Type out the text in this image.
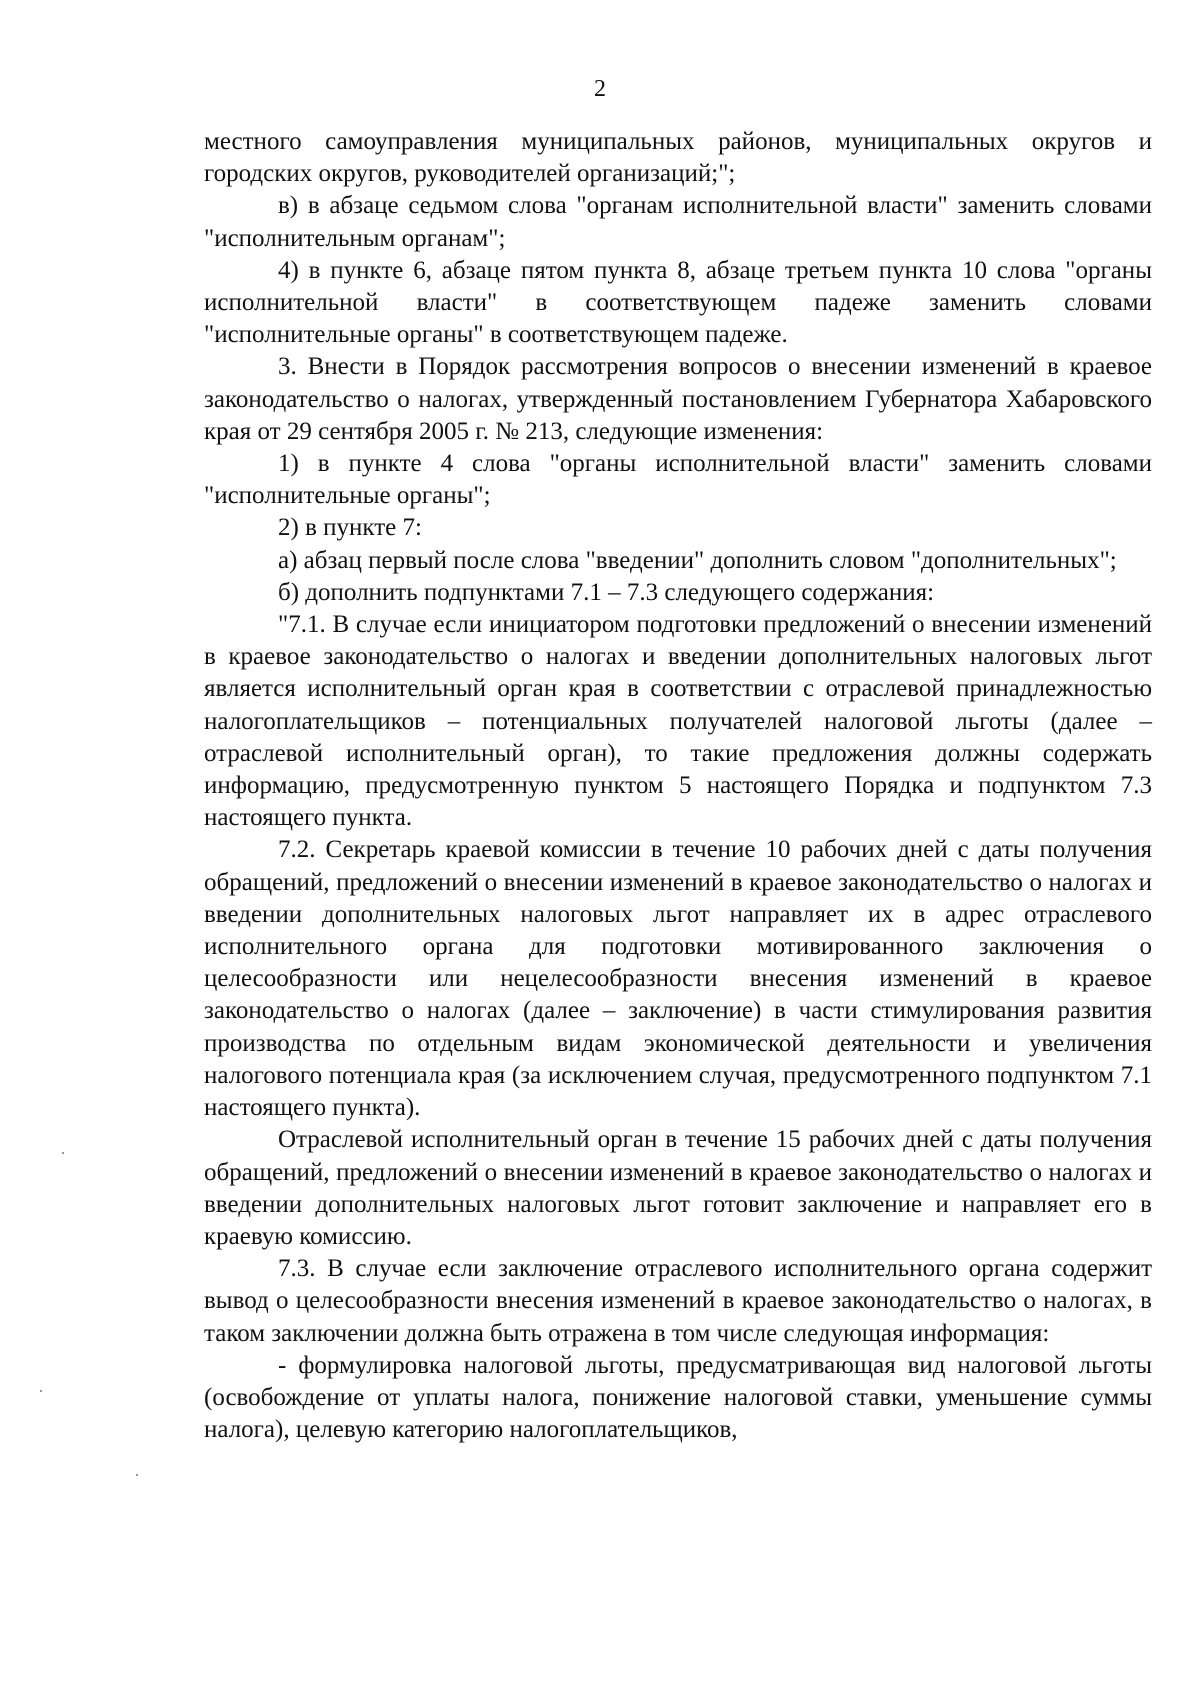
2

местного самоуправления муниципальных районов, муниципальных округов и городских округов, руководителей организаций;";

в) в абзаце седьмом слова "органам исполнительной власти" заменить словами "исполнительным органам";

4) в пункте 6, абзаце пятом пункта 8, абзаце третьем пункта 10 слова "органы исполнительной власти" в соответствующем падеже заменить словами "исполнительные органы" в соответствующем падеже.

3. Внести в Порядок рассмотрения вопросов о внесении изменений в краевое законодательство о налогах, утвержденный постановлением Губернатора Хабаровского края от 29 сентября 2005 г. № 213, следующие изменения:

1) в пункте 4 слова "органы исполнительной власти" заменить словами "исполнительные органы";

2) в пункте 7:

а) абзац первый после слова "введении" дополнить словом "дополнительных";

б) дополнить подпунктами 7.1 – 7.3 следующего содержания:

"7.1. В случае если инициатором подготовки предложений о внесении изменений в краевое законодательство о налогах и введении дополнительных налоговых льгот является исполнительный орган края в соответствии с отраслевой принадлежностью налогоплательщиков – потенциальных получателей налоговой льготы (далее – отраслевой исполнительный орган), то такие предложения должны содержать информацию, предусмотренную пунктом 5 настоящего Порядка и подпунктом 7.3 настоящего пункта.

7.2. Секретарь краевой комиссии в течение 10 рабочих дней с даты получения обращений, предложений о внесении изменений в краевое законодательство о налогах и введении дополнительных налоговых льгот направляет их в адрес отраслевого исполнительного органа для подготовки мотивированного заключения о целесообразности или нецелесообразности внесения изменений в краевое законодательство о налогах (далее – заключение) в части стимулирования развития производства по отдельным видам экономической деятельности и увеличения налогового потенциала края (за исключением случая, предусмотренного подпунктом 7.1 настоящего пункта).

Отраслевой исполнительный орган в течение 15 рабочих дней с даты получения обращений, предложений о внесении изменений в краевое законодательство о налогах и введении дополнительных налоговых льгот готовит заключение и направляет его в краевую комиссию.

7.3. В случае если заключение отраслевого исполнительного органа содержит вывод о целесообразности внесения изменений в краевое законодательство о налогах, в таком заключении должна быть отражена в том числе следующая информация:

- формулировка налоговой льготы, предусматривающая вид налоговой льготы (освобождение от уплаты налога, понижение налоговой ставки, уменьшение суммы налога), целевую категорию налогоплательщиков,
